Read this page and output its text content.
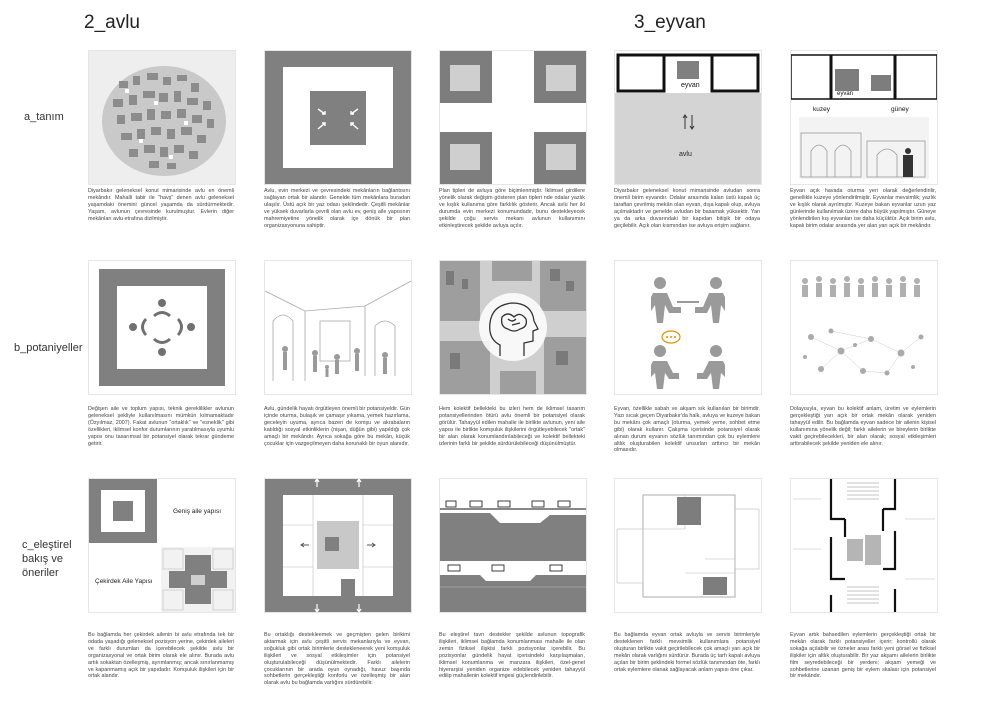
2_avlu	3_eyvan
a_tanım
b_potaniyeller
c_eleştirel
bakış ve
öneriler
eyvan
avlu
eyvan
kuzey	güney
Diyarbakır geleneksel konut mimarisinde avlu en önemli mekândır. Mahalli tabir ile "havş" denen avlu geleneksel yaşamdaki önemini güncel yaşamda da sürdürmektedir. Yaşam, avlunun çevresinde kurulmuştur. Evlerin diğer mekânları avlu etrafına dizilmiştir.
Avlu, evin merkezi ve çevresindeki mekânların bağlantısını sağlayan ortak bir alandır. Genelde tüm mekânlara buradan ulaşılır. Üstü açık bir yaz odası şeklindedir. Çeşitli mekânlar ve yüksek duvarlarla çevrili olan avlu ev, geniş aile yapısının mahremiyetine yönelik olarak içe dönük bir plan organizasyonuna sahiptir.
Plan tipleri de avluya göre biçimlenmiştir. İklimsel girdilere yönelik olarak değişim gösteren plan tipleri nde odalar yazlık ve kışlık kullanıma göre farklılık gösterir. Ancak avlu her iki durumda evin merkezi konumundadır, bunu destekleyecek şekilde çoğu servis mekanı avlunun kullanımını etkinleştirecek şekilde avluya açılır.
Diyarbakır geleneksel konut mimarisinde avludan sonra önemli birim eyvandır. Odalar arasında kalan üstü kapalı üç taraftan çevrilmiş mekân olan eyvan, dışa kapalı olup, avluya açılmaktadır ve genelde avludan bir basamak yüksektir. Yan ya da arka duvarındaki bir kapıdan bitişik bir odaya geçilebilir. Açık olan kısmından ise avluya erişim sağlanır.
Eyvan açık havada oturma yeri olarak değerlendirilir, genellikle kuzeye yönlendirilmiştir. Eyvanlar mevsimlik; yazlık ve kışlık olarak ayrılmıştır. Kuzeye bakan eyvanlar uzun yaz günlerinde kullanılmak üzere daha büyük yapılmıştır. Güneye yönlendirilen kış eyvanları ise daha küçüktür. Açık birim avlu, kapalı birim odalar arasında yer alan yarı açık bir mekândır.
Değişen aile ve toplum yapısı, teknik gereklilikler avlunun geleneksel şekliyle kullanılmasını mümkün kılmamaktadır (Özyılmaz, 2007). Fakat avlunun "ortaklık" ve "esneklik" gibi özellikleri, iklimsel konfor durumlarının yaratılmasıyla uyumlu yapısı onu tasarımsal bir potansiyel olarak tekrar gündeme getirir.
Avlu, gündelik hayatı örgütleyen önemli bir potansiyeldir. Gün içinde oturma, bulaşık ve çamaşır yıkama, yemek hazırlama, geceleyin uyuma, ayrıca bazen de komşu ve akrabaların katıldığı sosyal etkinliklerin (nişan, düğün gibi) yapıldığı çok amaçlı bir mekândır. Ayrıca sokağa göre bu mekân, küçük çocuklar için vazgeçilmeyen daha korunaklı bir oyun alanıdır.
Hem kolektif bellekteki bu izleri hem de iklimsel tasarım potansiyellerinden ötürü avlu önemli bir potansiyel olarak görülür. Tahayyül edilen mahalle ile birlikte avlunun, yeni aile yapısı ile birlikte komşuluk ilişkilerini örgütleyebilecek "ortak" bir alan olarak konumlandırılabileceği ve kolektif bellekteki izlerinin farklı bir şekilde sürdürülebileceği düşünülmüştür.
Eyvan, özellikle sabah ve akşam sık kullanılan bir birimdir. Yazı sıcak geçen Diyarbakır'da halk, avluya ve kuzeye bakan bu mekânı çok amaçlı (oturma, yemek yeme, sohbet etme gibi) olarak kullanır. Çalışma içerisinde potansiyel olarak alınan durum eyvanın sözlük tanımından çok bu eylemlere altlık oluşturabilen kolektif unsurları arttırıcı bir mekân olmasıdır.
Dolayısıyla, eyvan bu kolektif anlam, üretim ve eylemlerin gerçekleştiği yarı açık bir ortak mekân olarak yeniden tahayyül edilir. Bu bağlamda eyvan sadece bir ailenin kişisel kullanımına yönelik değil; farklı ailelerin ve bireylerin birlikte vakit geçirebilecekleri, bir alan olarak; sosyal etkileşimleri arttırabilecek şekilde yeniden ele alınır.
Geniş aile yapısı
Çekirdek Aile Yapısı
Bu bağlamda her çekirdek ailenin bi avlu etrafında tek bir odada yaşadığı geleneksel pozisyon yerine, çekirdek aileleri ve farklı durumları da içerebilecek şekilde avlu bir organizasyonal ve ortak birim olarak ele alınır. Burada avlu artık sokaktan özelleşmiş, ayrımlanmış; ancak sınırlanmamış ve kapanmamış açık bir yapıdadır. Komşuluk ilişkileri için bir ortak alandır.
Bu ortaklığı destekleemek ve geçmişten gelen birikimi aktarmak için avlu çeşitli servis mekanlarıyla ve eyvan, soğukluk gibi ortak birimlerle destekleneerek yeni komşuluk ilişkileri ve sosyal etkileşimler için potansiyel oluşturulabileceği düşünülmektedir. Farklı ailelerin çocuklarının bir arada oyun oynadığı, havuz başında sohbetlerin gerçekleştiği konforlu ve özelleşmiş bir alan olarak avlu bu bağlamda varlığını sürdürebilir.
Bu eleştirel tavrı destekler şekilde avlunun topografik ilişkileri, iklimsel bağlamda konumlanması mahalle ile olan zemin fiziksel ilişkisi farklı pozisyonlar içerebilir. Bu pozisyonlar gündelik hayat içerisindeki karşılaşmaları, iklimsel konumlanma ve manzara ilişkileri, özel-genel hiyerarşisi yeniden organize edebilecek yeniden tahayyül edilip mahallenin kolektif imgesi güçlendirilebilir.
Bu bağlamda eyvan ortak avluyla ve servis birimleriyle desteklenen farklı mevsimlik kullanımlara potansiyel oluşturan birlikte vakit geçirilebilecek çok amaçlı yarı açık bir mekân olarak varlığını sürdürür. Burada üç tarfı kapalı avluya açılan bir birim şeklindeki formel sözlük tanımından öte, farklı ortak eylemlere olanak sağlayacak anlam yapısı öne çıkar.
Eyvan artık bahsedilen eylemlerin gerçekleştiği ortak bir mekân olarak farklı potansiyeller içerir; kontrollü olarak sokağa açılabilir ve özneler arası farklı yeni görsel ve fiziksel ilişkiler için altlık oluşturabilir. Bir yaz akşamı ailelerin birlikte film seyredebileceği bir yerdenı; akşam yemeği ve sohbetlerine uzanan geniş bir eylem skalası için potansiyel bir mekândır.
